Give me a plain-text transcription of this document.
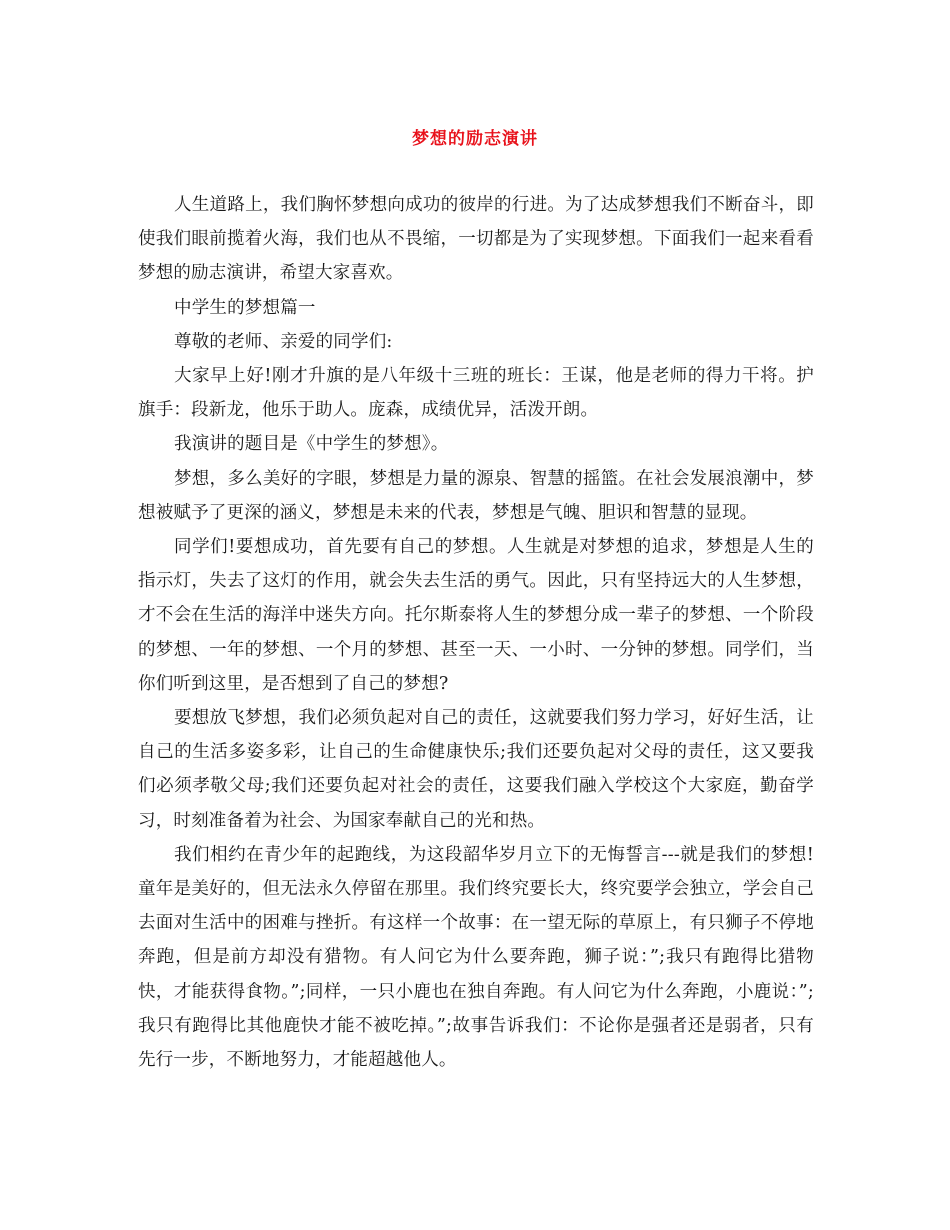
梦想的励志演讲

人生道路上，我们胸怀梦想向成功的彼岸的行进。为了达成梦想我们不断奋斗，即使我们眼前揽着火海，我们也从不畏缩，一切都是为了实现梦想。下面我们一起来看看梦想的励志演讲，希望大家喜欢。

中学生的梦想篇一

尊敬的老师、亲爱的同学们:

大家早上好!刚才升旗的是八年级十三班的班长：王谋，他是老师的得力干将。护旗手：段新龙，他乐于助人。庞森，成绩优异，活泼开朗。

我演讲的题目是《中学生的梦想》。

梦想，多么美好的字眼，梦想是力量的源泉、智慧的摇篮。在社会发展浪潮中，梦想被赋予了更深的涵义，梦想是未来的代表，梦想是气魄、胆识和智慧的显现。

同学们!要想成功，首先要有自己的梦想。人生就是对梦想的追求，梦想是人生的指示灯，失去了这灯的作用，就会失去生活的勇气。因此，只有坚持远大的人生梦想，才不会在生活的海洋中迷失方向。托尔斯泰将人生的梦想分成一辈子的梦想、一个阶段的梦想、一年的梦想、一个月的梦想、甚至一天、一小时、一分钟的梦想。同学们，当你们听到这里，是否想到了自己的梦想?

要想放飞梦想，我们必须负起对自己的责任，这就要我们努力学习，好好生活，让自己的生活多姿多彩，让自己的生命健康快乐;我们还要负起对父母的责任，这又要我们必须孝敬父母;我们还要负起对社会的责任，这要我们融入学校这个大家庭，勤奋学习，时刻准备着为社会、为国家奉献自己的光和热。

我们相约在青少年的起跑线，为这段韶华岁月立下的无悔誓言---就是我们的梦想!童年是美好的，但无法永久停留在那里。我们终究要长大，终究要学会独立，学会自己去面对生活中的困难与挫折。有这样一个故事：在一望无际的草原上，有只狮子不停地奔跑，但是前方却没有猎物。有人问它为什么要奔跑，狮子说：”;我只有跑得比猎物快，才能获得食物。”;同样，一只小鹿也在独自奔跑。有人问它为什么奔跑，小鹿说：”;我只有跑得比其他鹿快才能不被吃掉。”;故事告诉我们：不论你是强者还是弱者，只有先行一步，不断地努力，才能超越他人。
